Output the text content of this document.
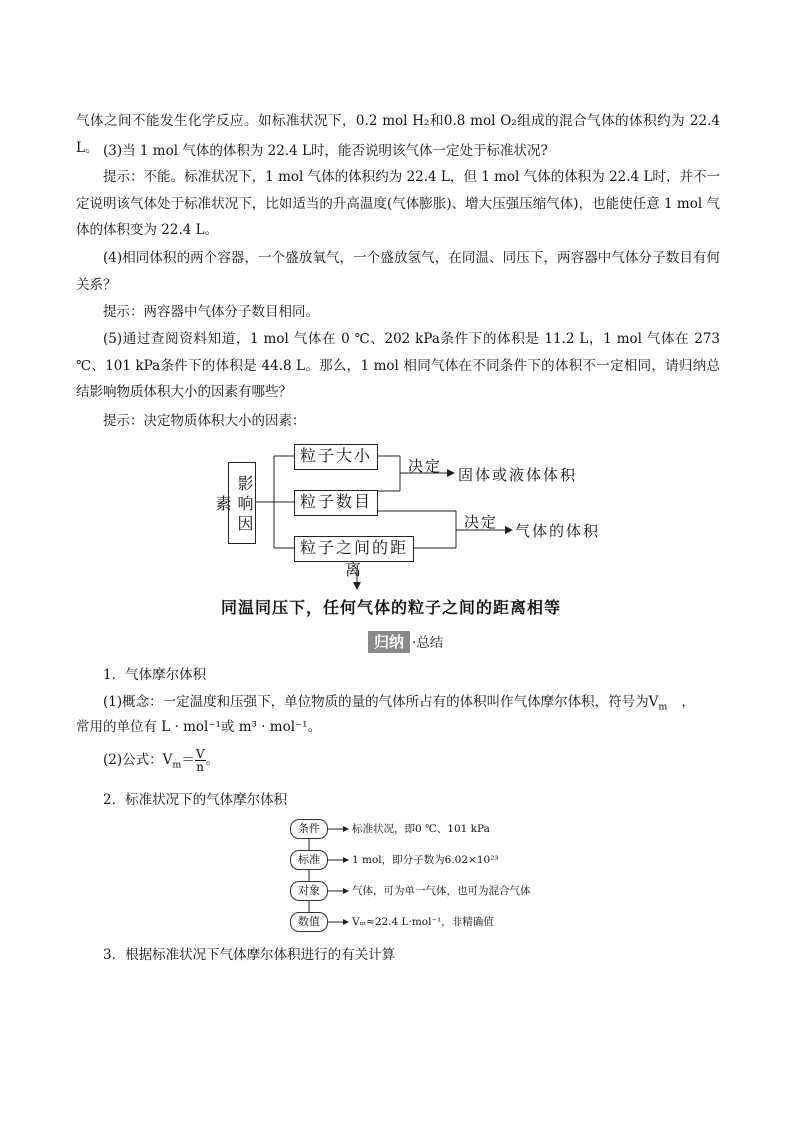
气体之间不能发生化学反应。如标准状况下，0.2 mol H₂和0.8 mol O₂组成的混合气体的体积约为 22.4 L。 (3)当 1 mol 气体的体积为 22.4 L时，能否说明该气体一定处于标准状况?

提示：不能。标准状况下，1 mol 气体的体积约为 22.4 L，但 1 mol 气体的体积为 22.4 L时，并不一定说明该气体处于标准状况下，比如适当的升高温度(气体膨胀)、增大压强压缩气体)，也能使任意 1 mol 气体的体积变为 22.4 L。

(4)相同体积的两个容器，一个盛放氧气，一个盛放氢气，在同温、同压下，两容器中气体分子数目有何关系？

提示：两容器中气体分子数目相同。

(5)通过查阅资料知道，1 mol 气体在 0 ℃、202 kPa条件下的体积是 11.2 L，1 mol 气体在 273 ℃、101 kPa条件下的体积是 44.8 L。那么，1 mol 相同气体在不同条件下的体积不一定相同，请归纳总结影响物质体积大小的因素有哪些？

提示：决定物质体积大小的因素：

影响因素
粒子大小
粒子数目
粒子之间的距离
决定 固体或液体体积
决定 气体的体积
同温同压下，任何气体的粒子之间的距离相等
归纳 ·总结

1．气体摩尔体积

(1)概念：一定温度和压强下，单位物质的量的气体所占有的体积叫作气体摩尔体积，符号为$V_m$ ，

常用的单位有 L · mol⁻¹或 m³ · mol⁻¹。

(2)公式：$V_m= \frac{V}{n}$ 。

2．标准状况下的气体摩尔体积

条件
标准
对象
数值
标准状况，即0 ℃、101 kPa
1 mol，即分子数为6.02×10²³
气体，可为单一气体，也可为混合气体
Vₘ≈22.4 L·mol⁻¹，非精确值

3．根据标准状况下气体摩尔体积进行的有关计算
